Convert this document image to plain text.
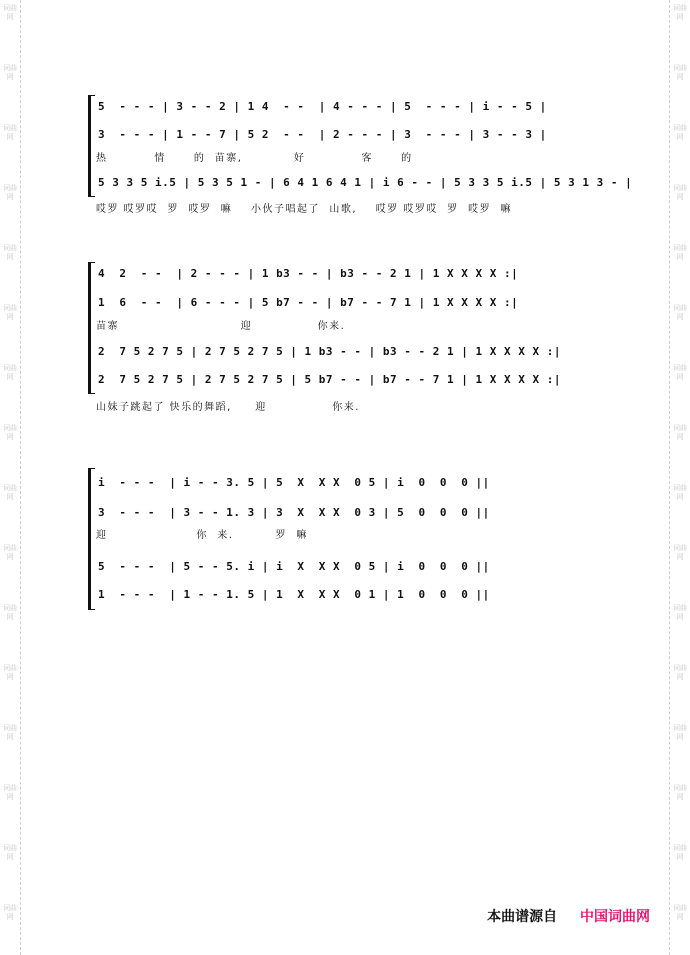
词曲网
词曲网
词曲网
词曲网
词曲网
词曲网
词曲网
词曲网
词曲网
词曲网
词曲网
词曲网
词曲网
词曲网
词曲网
词曲网
词曲网
词曲网
词曲网
词曲网
词曲网
词曲网
词曲网
词曲网
词曲网
词曲网
词曲网
词曲网
词曲网
词曲网
词曲网
词曲网
5  - - - | 3 - - 2 | 1 4  - -  | 4 - - - | 5  - - - | i - - 5 |
3  - - - | 1 - - 7 | 5 2  - -  | 2 - - - | 3  - - - | 3 - - 3 |
热          情      的  苗寨,           好            客      的
5 3 3 5 i.5 | 5 3 5 1 - | 6 4 1 6 4 1 | i 6 - - | 5 3 3 5 i.5 | 5 3 1 3 - |
哎罗 哎罗哎  罗  哎罗  嘛    小伙子唱起了  山歌,    哎罗 哎罗哎  罗  哎罗  嘛
4  2  - -  | 2 - - - | 1 b3 - - | b3 - - 2 1 | 1 X X X X :|
1  6  - -  | 6 - - - | 5 b7 - - | b7 - - 7 1 | 1 X X X X :|
苗寨                          迎              你来.
2  7 5 2 7 5 | 2 7 5 2 7 5 | 1 b3 - - | b3 - - 2 1 | 1 X X X X :|
2  7 5 2 7 5 | 2 7 5 2 7 5 | 5 b7 - - | b7 - - 7 1 | 1 X X X X :|
山妹子跳起了 快乐的舞蹈,     迎              你来.
i  - - -  | i - - 3. 5 | 5  X  X X  0 5 | i  0  0  0 ||
3  - - -  | 3 - - 1. 3 | 3  X  X X  0 3 | 5  0  0  0 ||
迎                   你  来.         罗  嘛
5  - - -  | 5 - - 5. i | i  X  X X  0 5 | i  0  0  0 ||
1  - - -  | 1 - - 1. 5 | 1  X  X X  0 1 | 1  0  0  0 ||
本曲谱源自 中国词曲网
